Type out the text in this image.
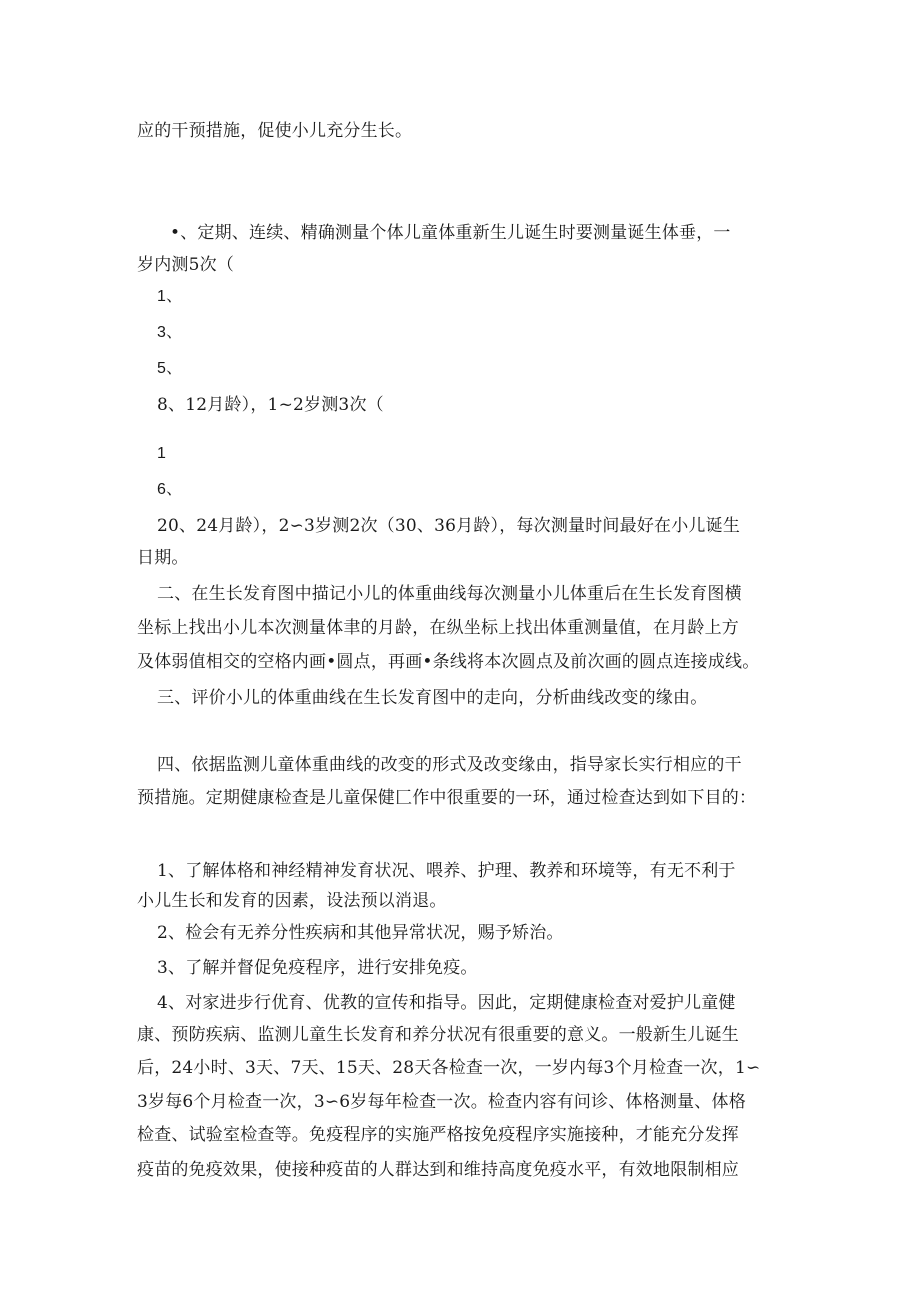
应的干预措施，促使小儿充分生长。

•、定期、连续、精确测量个体儿童体重新生儿诞生时要测量诞生体垂，一

岁内测5次（

1、

3、

5、

8、12月龄），1~2岁测3次（

1

6、

20、24月龄），2∽3岁测2次（30、36月龄），每次测量时间最好在小儿诞生

日期。

二、在生长发育图中描记小儿的体重曲线每次测量小儿体重后在生长发育图横

坐标上找出小儿本次测量体聿的月龄，在纵坐标上找出体重测量值，在月龄上方

及体弱值相交的空格内画•圆点，再画•条线将本次圆点及前次画的圆点连接成线。

三、评价小儿的体重曲线在生长发育图中的走向，分析曲线改变的缘由。

四、依据监测儿童体重曲线的改变的形式及改变缘由，指导家长实行相应的干

预措施。定期健康检查是儿童保健匚作中很重要的一环，通过检查达到如下目的：

1、了解体格和神经精神发育状况、喂养、护理、教养和环境等，有无不利于

小儿生长和发育的因素，设法预以消退。

2、检会有无养分性疾病和其他异常状况，赐予矫治。

3、了解并督促免疫程序，进行安排免疫。

4、对家进步行优育、优教的宣传和指导。因此，定期健康检查对爱护儿童健

康、预防疾病、监测儿童生长发育和养分状况有很重要的意义。一般新生儿诞生

后，24小时、3天、7天、15天、28天各检查一次，一岁内每3个月检查一次，1∽

3岁每6个月检查一次，3∽6岁每年检查一次。检查内容有问诊、体格测量、体格

检查、试验室检查等。免疫程序的实施严格按免疫程序实施接种，才能充分发挥

疫苗的免疫效果，使接种疫苗的人群达到和维持高度免疫水平，有效地限制相应
